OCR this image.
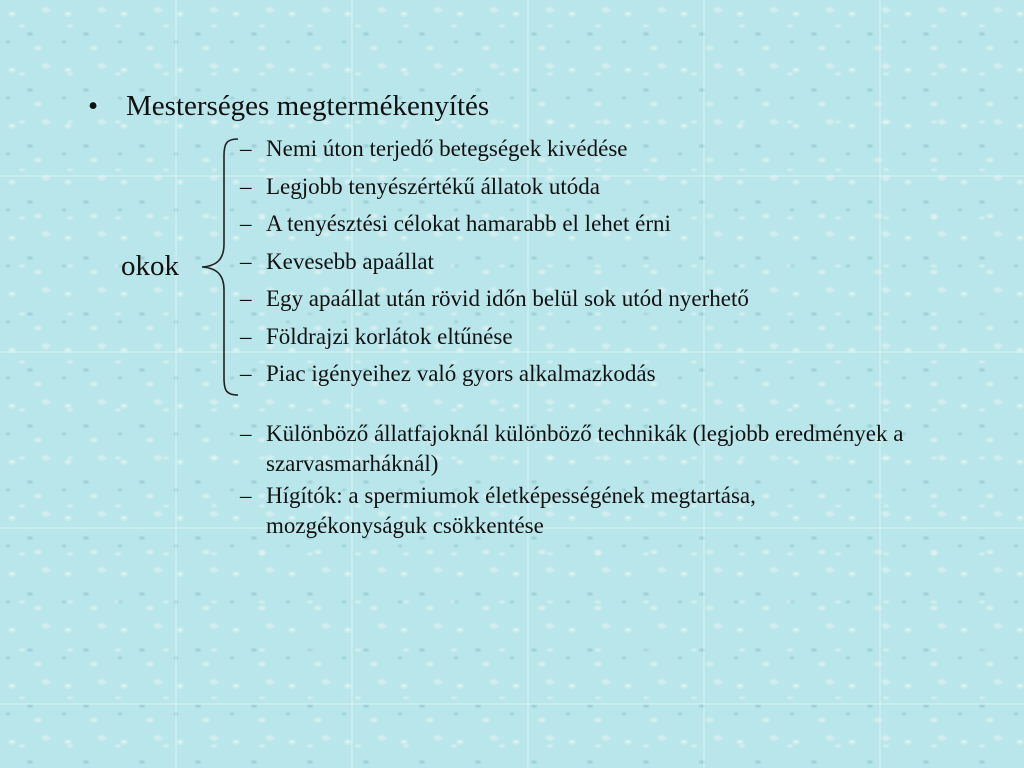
• Mesterséges megtermékenyítés
okok
– Nemi úton terjedő betegségek kivédése
– Legjobb tenyészértékű állatok utóda
– A tenyésztési célokat hamarabb el lehet érni
– Kevesebb apaállat
– Egy apaállat után rövid időn belül sok utód nyerhető
– Földrajzi korlátok eltűnése
– Piac igényeihez való gyors alkalmazkodás
– Különböző állatfajoknál különböző technikák (legjobb eredmények a szarvasmarháknál)
– Hígítók: a spermiumok életképességének megtartása, mozgékonyságuk csökkentése
